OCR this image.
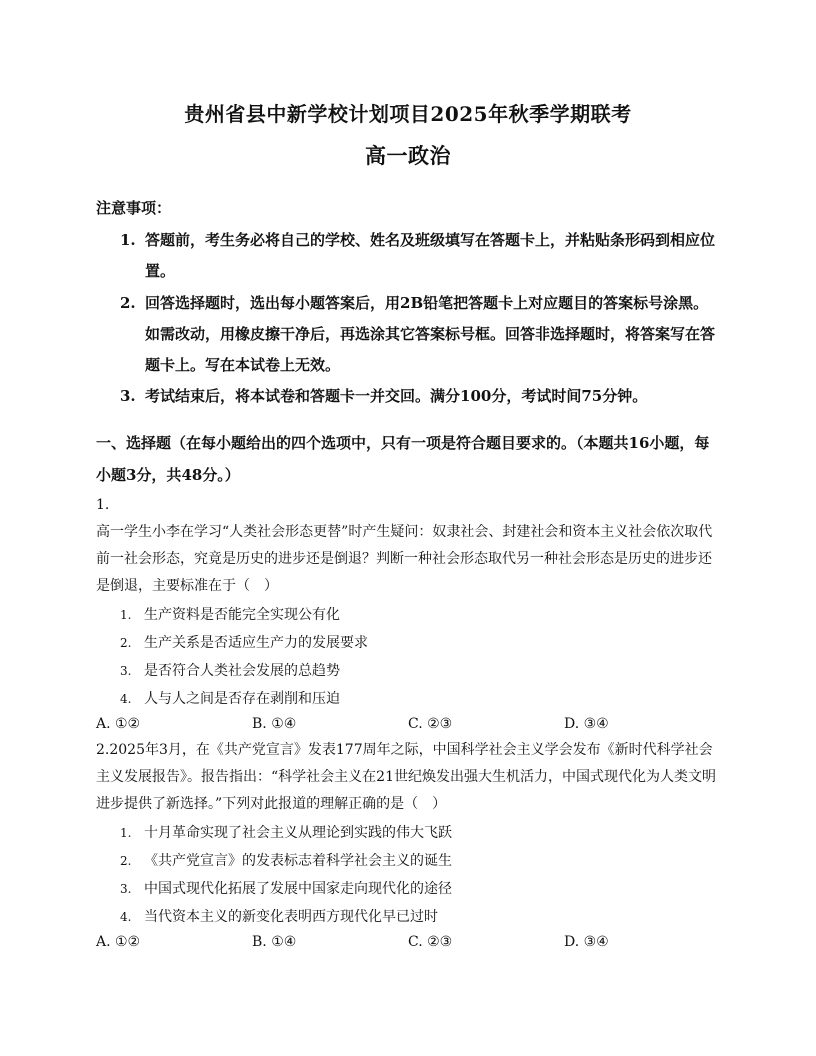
贵州省县中新学校计划项目2025年秋季学期联考
高一政治
注意事项：
1. 答题前，考生务必将自己的学校、姓名及班级填写在答题卡上，并粘贴条形码到相应位置。
2. 回答选择题时，选出每小题答案后，用2B铅笔把答题卡上对应题目的答案标号涂黑。如需改动，用橡皮擦干净后，再选涂其它答案标号框。回答非选择题时，将答案写在答题卡上。写在本试卷上无效。
3. 考试结束后，将本试卷和答题卡一并交回。满分100分，考试时间75分钟。
一、选择题（在每小题给出的四个选项中，只有一项是符合题目要求的。（本题共16小题，每小题3分，共48分。）
1.
高一学生小李在学习“人类社会形态更替”时产生疑问：奴隶社会、封建社会和资本主义社会依次取代前一社会形态，究竟是历史的进步还是倒退？判断一种社会形态取代另一种社会形态是历史的进步还是倒退，主要标准在于（　）
1. 生产资料是否能完全实现公有化
2. 生产关系是否适应生产力的发展要求
3. 是否符合人类社会发展的总趋势
4. 人与人之间是否存在剥削和压迫
A. ①②	B. ①④	C. ②③	D. ③④
2.2025年3月，在《共产党宣言》发表177周年之际，中国科学社会主义学会发布《新时代科学社会主义发展报告》。报告指出：“科学社会主义在21世纪焕发出强大生机活力，中国式现代化为人类文明进步提供了新选择。”下列对此报道的理解正确的是（　）
1. 十月革命实现了社会主义从理论到实践的伟大飞跃
2. 《共产党宣言》的发表标志着科学社会主义的诞生
3. 中国式现代化拓展了发展中国家走向现代化的途径
4. 当代资本主义的新变化表明西方现代化早已过时
A. ①②	B. ①④	C. ②③	D. ③④
